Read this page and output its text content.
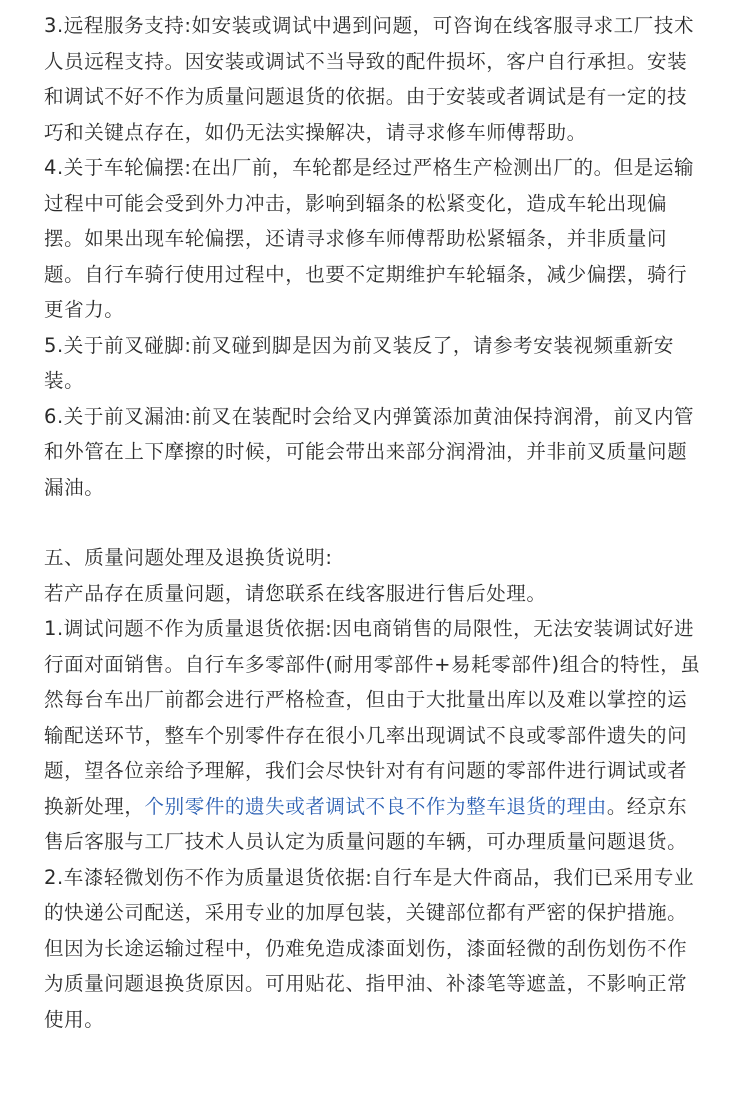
3.远程服务支持:如安装或调试中遇到问题，可咨询在线客服寻求工厂技术人员远程支持。因安装或调试不当导致的配件损坏，客户自行承担。安装和调试不好不作为质量问题退货的依据。由于安装或者调试是有一定的技巧和关键点存在，如仍无法实操解决，请寻求修车师傅帮助。

4.关于车轮偏摆:在出厂前，车轮都是经过严格生产检测出厂的。但是运输过程中可能会受到外力冲击，影响到辐条的松紧变化，造成车轮出现偏摆。如果出现车轮偏摆，还请寻求修车师傅帮助松紧辐条，并非质量问题。自行车骑行使用过程中，也要不定期维护车轮辐条，减少偏摆，骑行更省力。

5.关于前叉碰脚:前叉碰到脚是因为前叉装反了，请参考安装视频重新安装。

6.关于前叉漏油:前叉在装配时会给叉内弹簧添加黄油保持润滑，前叉内管和外管在上下摩擦的时候，可能会带出来部分润滑油，并非前叉质量问题漏油。

五、质量问题处理及退换货说明:

若产品存在质量问题，请您联系在线客服进行售后处理。

1.调试问题不作为质量退货依据:因电商销售的局限性，无法安装调试好进行面对面销售。自行车多零部件(耐用零部件+易耗零部件)组合的特性，虽然每台车出厂前都会进行严格检查，但由于大批量出库以及难以掌控的运输配送环节，整车个别零件存在很小几率出现调试不良或零部件遗失的问题，望各位亲给予理解，我们会尽快针对有有问题的零部件进行调试或者换新处理，个别零件的遗失或者调试不良不作为整车退货的理由。经京东售后客服与工厂技术人员认定为质量问题的车辆，可办理质量问题退货。

2.车漆轻微划伤不作为质量退货依据:自行车是大件商品，我们已采用专业的快递公司配送，采用专业的加厚包装，关键部位都有严密的保护措施。但因为长途运输过程中，仍难免造成漆面划伤，漆面轻微的刮伤划伤不作为质量问题退换货原因。可用贴花、指甲油、补漆笔等遮盖，不影响正常使用。
